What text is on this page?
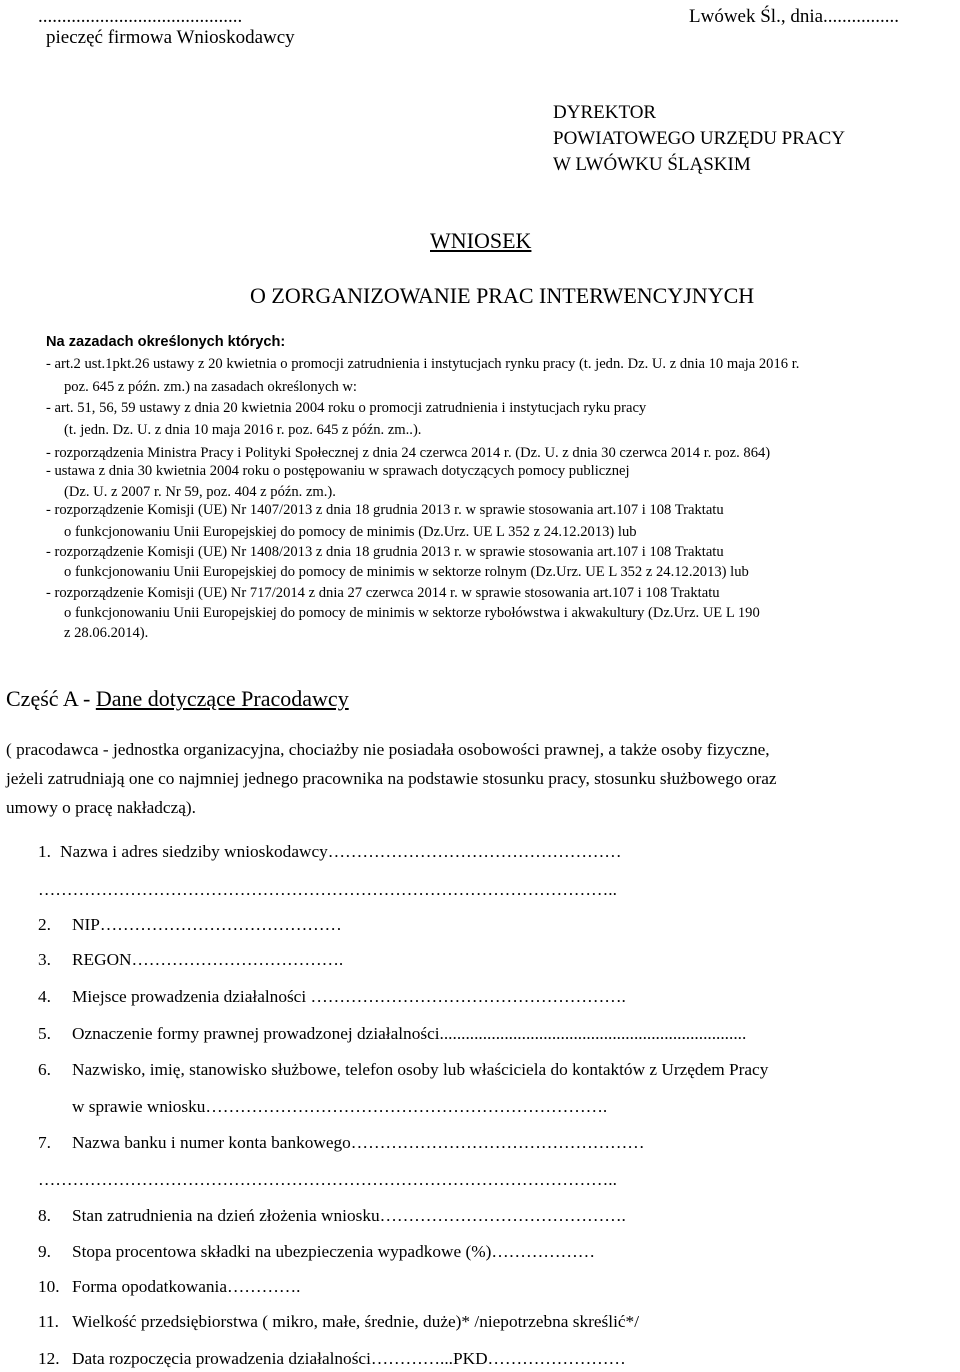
...........................................
pieczęć firmowa Wnioskodawcy
Lwówek Śl., dnia................
DYREKTOR
POWIATOWEGO URZĘDU PRACY
W LWÓWKU ŚLĄSKIM
WNIOSEK
O ZORGANIZOWANIE PRAC INTERWENCYJNYCH
Na zazadach określonych których:
- art.2 ust.1pkt.26 ustawy z 20 kwietnia o promocji zatrudnienia i instytucjach rynku pracy (t. jedn. Dz. U. z dnia 10 maja 2016 r.
poz. 645 z późn. zm.) na zasadach określonych w:
- art. 51, 56, 59 ustawy z dnia 20 kwietnia 2004 roku o promocji zatrudnienia i instytucjach ryku pracy
(t. jedn. Dz. U. z dnia 10 maja 2016 r. poz. 645 z późn. zm..).
- rozporządzenia Ministra Pracy i Polityki Społecznej z dnia 24 czerwca 2014 r. (Dz. U. z dnia 30 czerwca 2014 r. poz. 864)
- ustawa z dnia 30 kwietnia 2004 roku o postępowaniu w sprawach dotyczących pomocy publicznej
(Dz. U. z 2007 r. Nr 59, poz. 404 z późn. zm.).
- rozporządzenie Komisji (UE) Nr 1407/2013 z dnia 18 grudnia 2013 r. w sprawie stosowania art.107 i 108 Traktatu
o funkcjonowaniu Unii Europejskiej do pomocy de minimis (Dz.Urz. UE L 352 z 24.12.2013) lub
- rozporządzenie Komisji (UE) Nr 1408/2013 z dnia 18 grudnia 2013 r. w sprawie stosowania art.107 i 108 Traktatu
o funkcjonowaniu Unii Europejskiej do pomocy de minimis w sektorze rolnym (Dz.Urz. UE L 352 z 24.12.2013) lub
- rozporządzenie Komisji (UE) Nr 717/2014 z dnia 27 czerwca 2014 r. w sprawie stosowania art.107 i 108 Traktatu
o funkcjonowaniu Unii Europejskiej do pomocy de minimis w sektorze rybołówstwa i akwakultury (Dz.Urz. UE L 190
z 28.06.2014).
Część A - Dane dotyczące Pracodawcy
( pracodawca - jednostka organizacyjna, chociażby nie posiadała osobowości prawnej, a także osoby fizyczne,
jeżeli zatrudniają one co najmniej jednego pracownika na podstawie stosunku pracy, stosunku służbowego oraz
umowy o pracę nakładczą).
1. Nazwa i adres siedziby wnioskodawcy……………………………………………
………………………………………………………………………………………..
2. NIP……………………………………
3. REGON……………………………….
4. Miejsce prowadzenia działalności ……………………………………………….
5. Oznaczenie formy prawnej prowadzonej działalności.......................................................................
6. Nazwisko, imię, stanowisko służbowe, telefon osoby lub właściciela do kontaktów z Urzędem Pracy
w sprawie wniosku…………………………………………………………….
7. Nazwa banku i numer konta bankowego……………………………………………
………………………………………………………………………………………..
8. Stan zatrudnienia na dzień złożenia wniosku…………………………………….
9. Stopa procentowa składki na ubezpieczenia wypadkowe (%)………………
10. Forma opodatkowania………….
11. Wielkość przedsiębiorstwa ( mikro, małe, średnie, duże)* /niepotrzebna skreślić*/
12. Data rozpoczęcia prowadzenia działalności…………...PKD……………………
